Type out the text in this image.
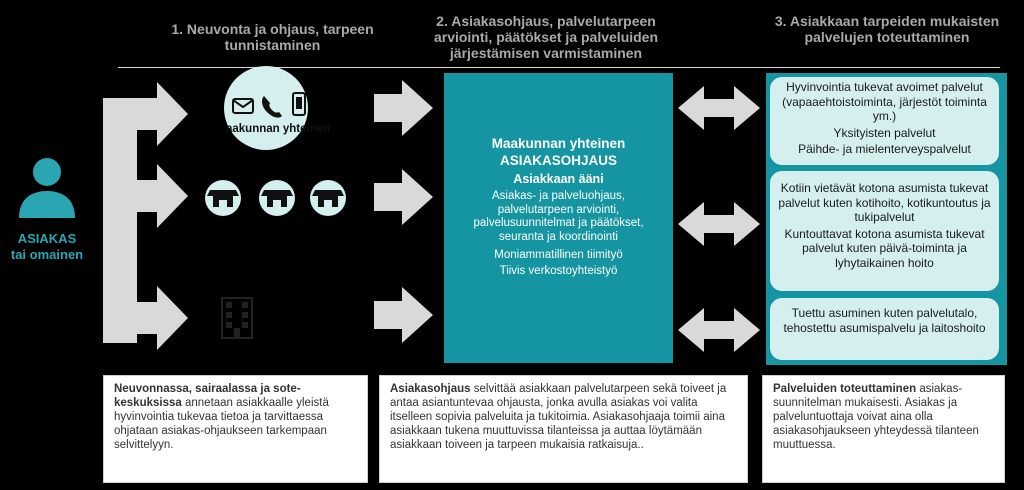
1. Neuvonta ja ohjaus, tarpeen tunnistaminen
2. Asiakasohjaus, palvelutarpeen arviointi, päätökset ja palveluiden järjestämisen varmistaminen
3. Asiakkaan tarpeiden mukaisten palvelujen toteuttaminen
aakunnan yhteinen
ASIAKAS
tai omainen
Maakunnan yhteinen
ASIAKASOHJAUS
Asiakkaan ääni
Asiakas- ja palveluohjaus, palvelutarpeen arviointi, palvelusuunnitelmat ja päätökset, seuranta ja koordinointi
Moniammatillinen tiimityö
Tiivis verkostoyhteistyö

Hyvinvointia tukevat avoimet palvelut (vapaaehtoistoiminta, järjestöt toiminta ym.)

Yksityisten palvelut

Päihde- ja mielenterveyspalvelut

Kotiin vietävät kotona asumista tukevat palvelut kuten kotihoito, kotikuntoutus ja tukipalvelut

Kuntouttavat kotona asumista tukevat palvelut kuten päivä-toiminta ja lyhytaikainen hoito

Tuettu asuminen kuten palvelutalo, tehostettu asumispalvelu ja laitoshoito

Neuvonnassa, sairaalassa ja sote-keskuksissa annetaan asiakkaalle yleistä hyvinvointia tukevaa tietoa ja tarvittaessa ohjataan asiakas-ohjaukseen tarkempaan selvittelyyn.
Asiakasohjaus selvittää asiakkaan palvelutarpeen sekä toiveet ja antaa asiantuntevaa ohjausta, jonka avulla asiakas voi valita itselleen sopivia palveluita ja tukitoimia. Asiakasohjaaja toimii aina asiakkaan tukena muuttuvissa tilanteissa ja auttaa löytämään asiakkaan toiveen ja tarpeen mukaisia ratkaisuja..
Palveluiden toteuttaminen asiakas-suunnitelman mukaisesti. Asiakas ja palveluntuottaja voivat aina olla asiakasohjaukseen yhteydessä tilanteen muuttuessa.
